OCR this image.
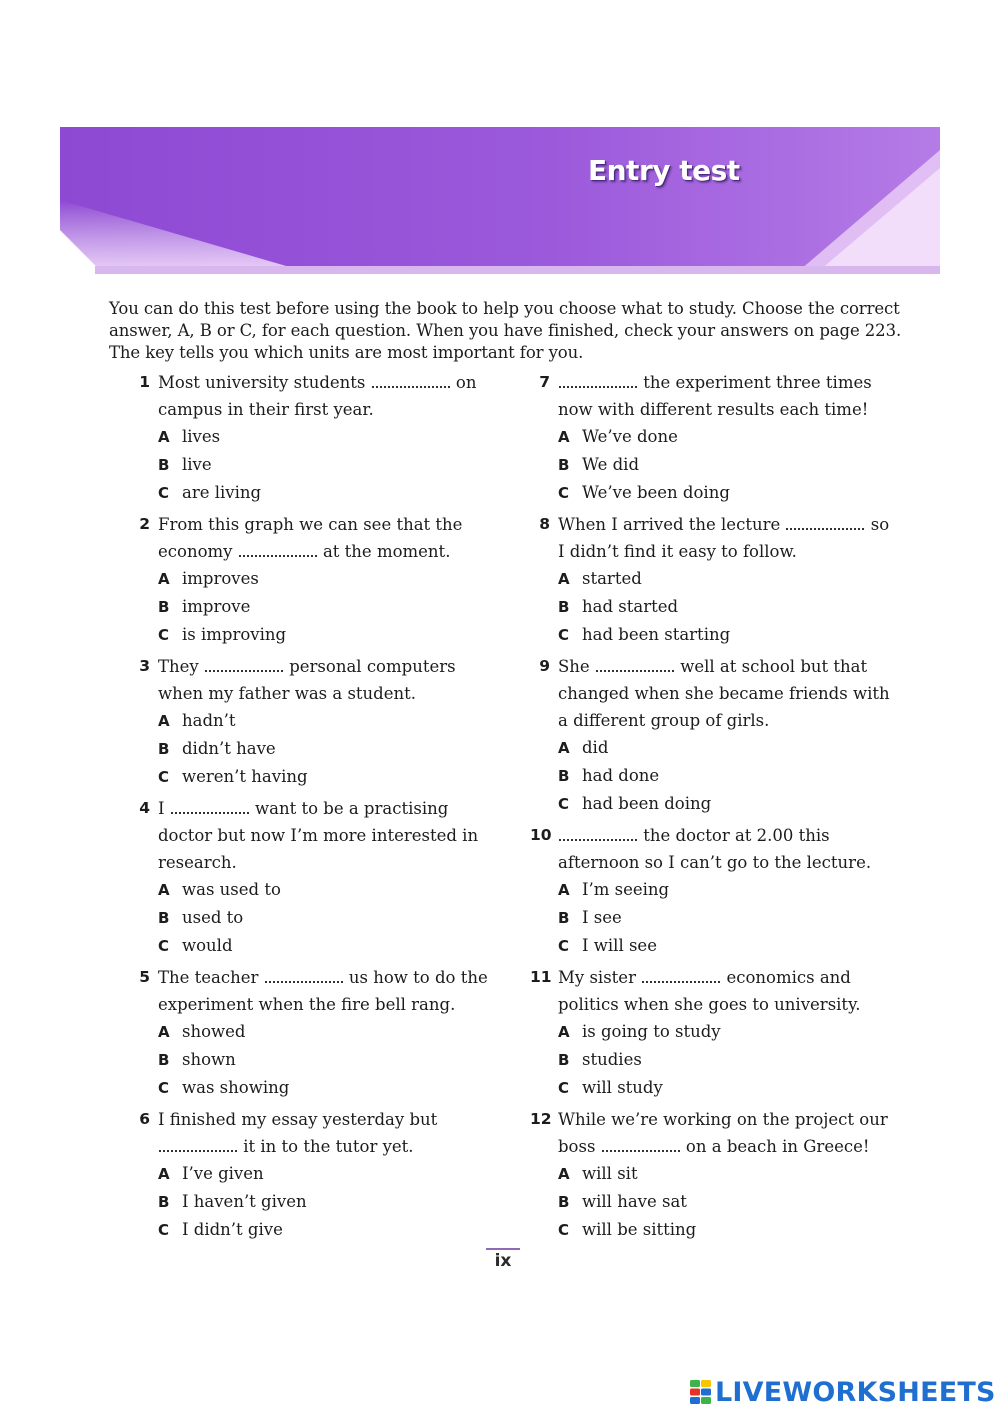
Entry test

You can do this test before using the book to help you choose what to study. Choose the correct answer, A, B or C, for each question. When you have finished, check your answers on page 223. The key tells you which units are most important for you.

1 Most university students	on campus in their first year.
A lives
B live
C are living
2 From this graph we can see that the economy	at the moment.
A improves
B improve
C is improving
3 They	personal computers when my father was a student.
A hadn’t
B didn’t have
C weren’t having
4 I	want to be a practising doctor but now I’m more interested in research.
A was used to
B used to
C would
5 The teacher	us how to do the experiment when the fire bell rang.
A showed
B shown
C was showing
6 I finished my essay yesterday but  it in to the tutor yet.
A I’ve given
B I haven’t given
C I didn’t give
7	the experiment three times now with different results each time!
A We’ve done
B We did
C We’ve been doing
8 When I arrived the lecture	so I didn’t find it easy to follow.
A started
B had started
C had been starting
9 She	well at school but that changed when she became friends with a different group of girls.
A did
B had done
C had been doing
10	the doctor at 2.00 this afternoon so I can’t go to the lecture.
A I’m seeing
B I see
C I will see
11 My sister	economics and politics when she goes to university.
A is going to study
B studies
C will study
12 While we’re working on the project our boss	on a beach in Greece!
A will sit
B will have sat
C will be sitting
ix
LIVEWORKSHEETS
